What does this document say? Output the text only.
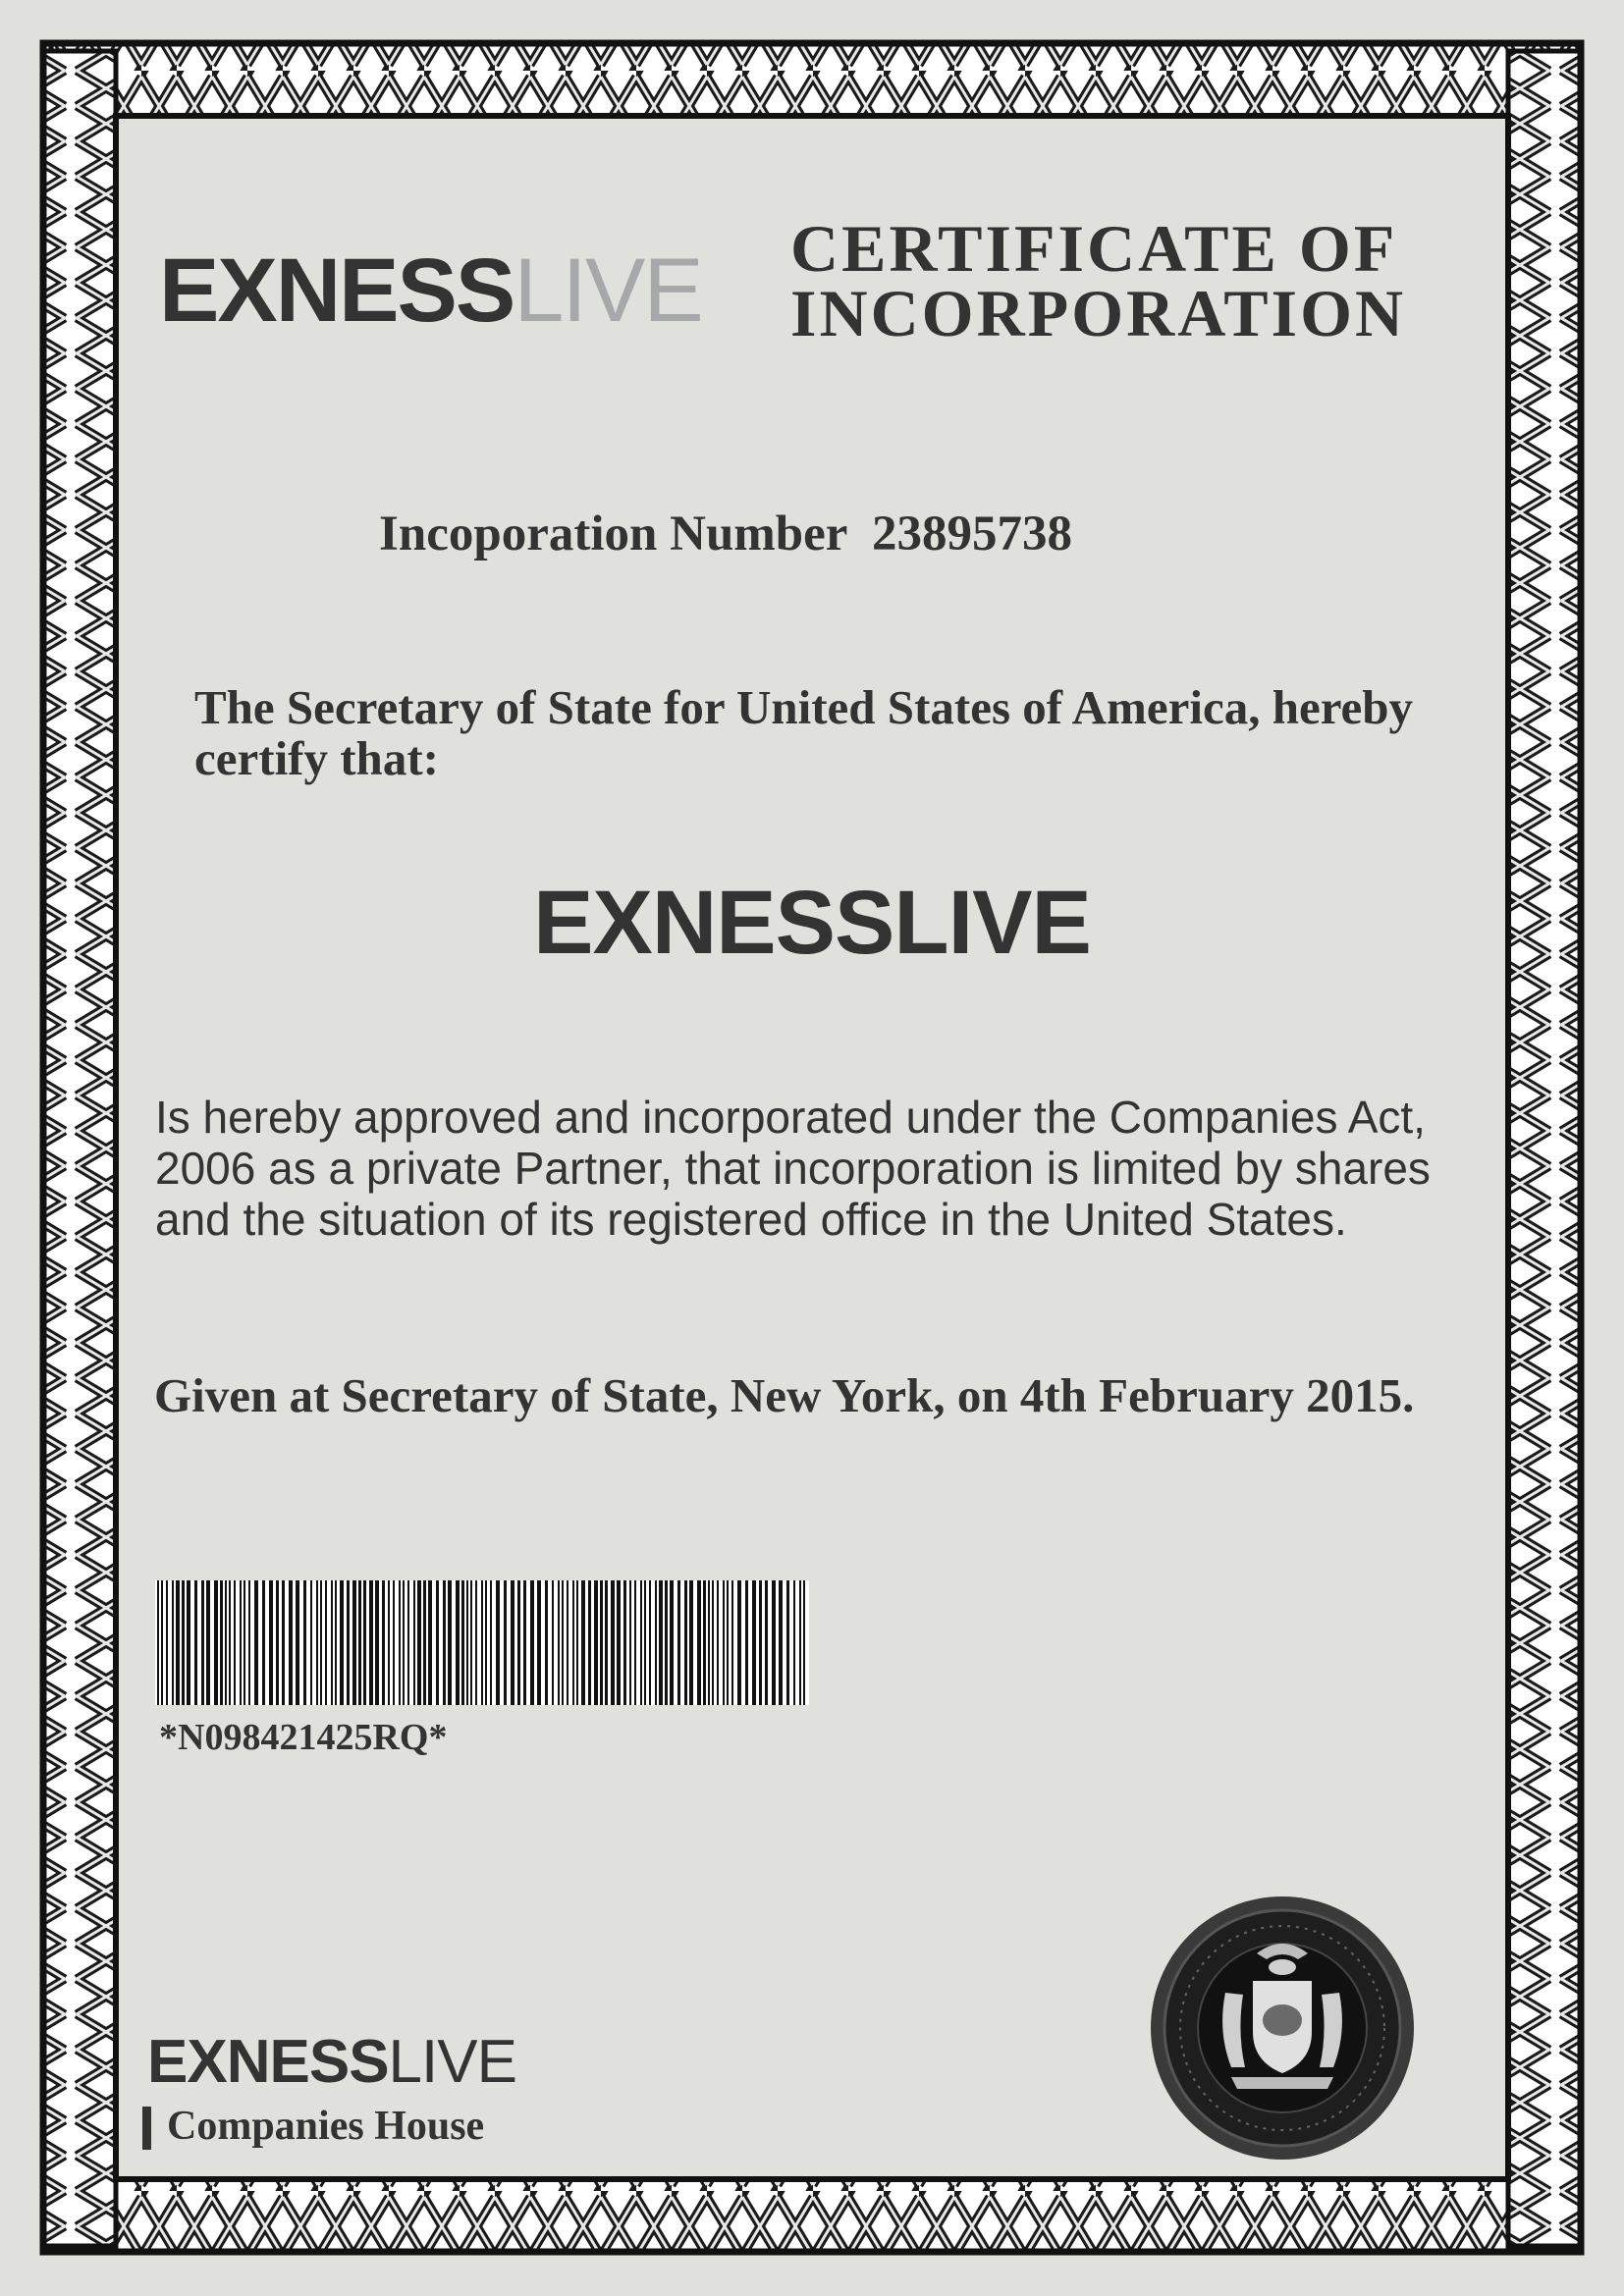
EXNESSLIVE CERTIFICATE OF
INCORPORATION
Incoporation Number 23895738
The Secretary of State for United States of America, hereby certify that:
EXNESSLIVE
Is hereby approved and incorporated under the Companies Act,
2006 as a private Partner, that incorporation is limited by shares
and the situation of its registered office in the United States.
Given at Secretary of State, New York, on 4th February 2015.
*N098421425RQ*
EXNESSLIVE
Companies House
